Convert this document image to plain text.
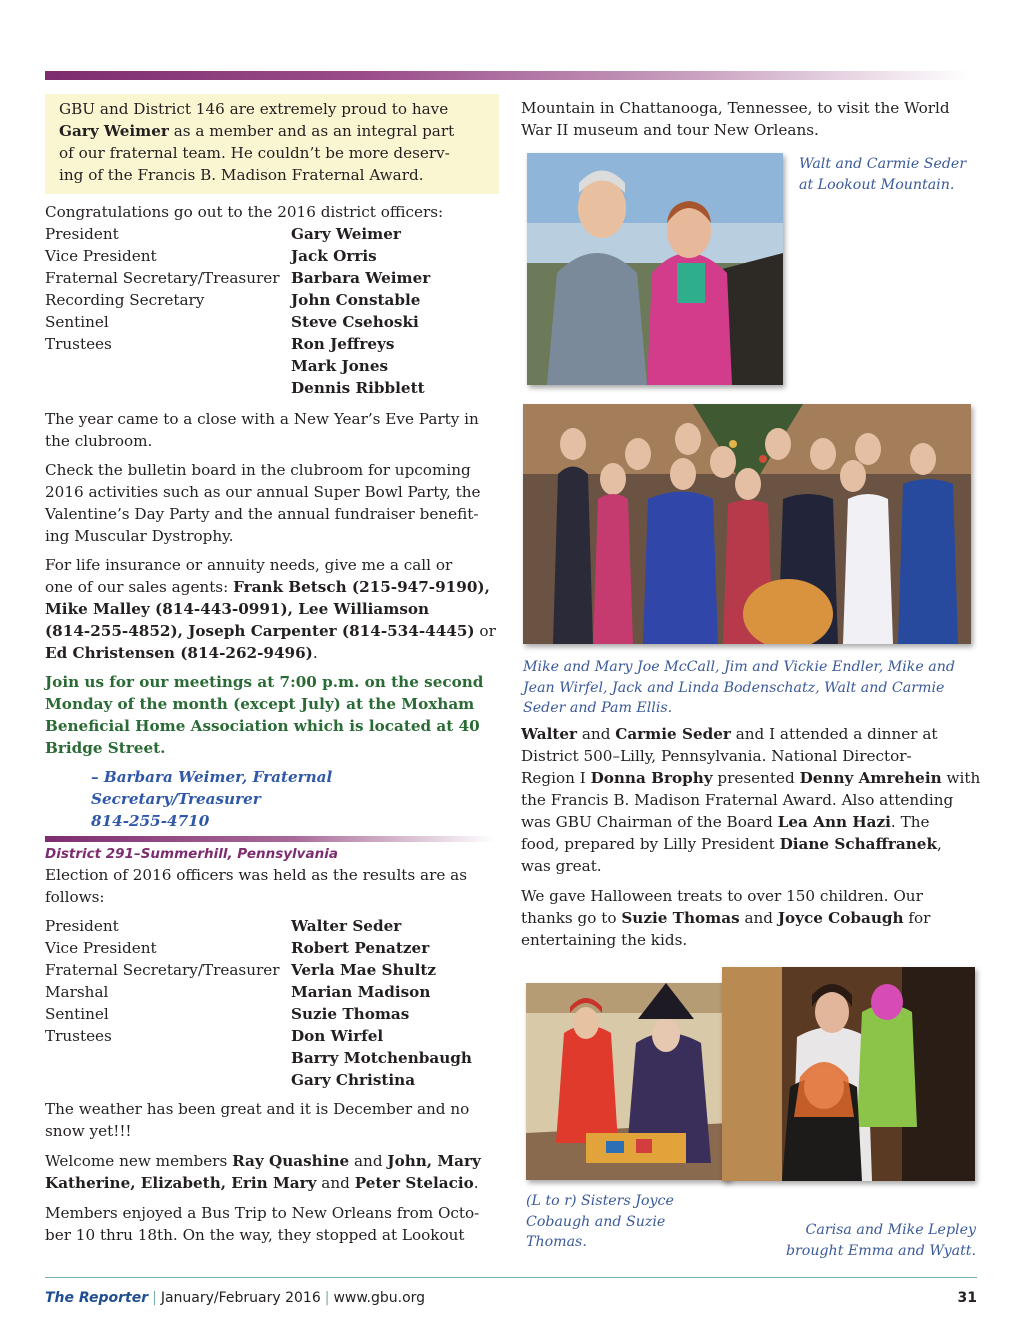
GBU and District 146 are extremely proud to have

Gary Weimer as a member and as an integral part

of our fraternal team. He couldn’t be more deserv-

ing of the Francis B. Madison Fraternal Award.

Congratulations go out to the 2016 district officers:

President	Gary Weimer
Vice President	Jack Orris
Fraternal Secretary/Treasurer	Barbara Weimer
Recording Secretary	John Constable
Sentinel	Steve Csehoski
Trustees	Ron Jeffreys
	Mark Jones
	Dennis Ribblett

The year came to a close with a New Year’s Eve Party in
the clubroom.

Check the bulletin board in the clubroom for upcoming
2016 activities such as our annual Super Bowl Party, the
Valentine’s Day Party and the annual fundraiser benefit-
ing Muscular Dystrophy.

For life insurance or annuity needs, give me a call or
one of our sales agents: Frank Betsch (215-947-9190),
Mike Malley (814-443-0991), Lee Williamson
(814-255-4852), Joseph Carpenter (814-534-4445) or
Ed Christensen (814-262-9496).

Join us for our meetings at 7:00 p.m. on the second
Monday of the month (except July) at the Moxham
Beneficial Home Association which is located at 40
Bridge Street.

– Barbara Weimer, Fraternal Secretary/Treasurer
814-255-4710

District 291–Summerhill, Pennsylvania

Election of 2016 officers was held as the results are as
follows:

President	Walter Seder
Vice President	Robert Penatzer
Fraternal Secretary/Treasurer	Verla Mae Shultz
Marshal	Marian Madison
Sentinel	Suzie Thomas
Trustees	Don Wirfel
	Barry Motchenbaugh
	Gary Christina

The weather has been great and it is December and no
snow yet!!!

Welcome new members Ray Quashine and John, Mary
Katherine, Elizabeth, Erin Mary and Peter Stelacio.

Members enjoyed a Bus Trip to New Orleans from Octo-
ber 10 thru 18th. On the way, they stopped at Lookout

Mountain in Chattanooga, Tennessee, to visit the World
War II museum and tour New Orleans.

Walt and Carmie Seder
at Lookout Mountain.
Mike and Mary Joe McCall, Jim and Vickie Endler, Mike and
Jean Wirfel, Jack and Linda Bodenschatz, Walt and Carmie
Seder and Pam Ellis.

Walter and Carmie Seder and I attended a dinner at
District 500–Lilly, Pennsylvania. National Director-
Region I Donna Brophy presented Denny Amrehein with
the Francis B. Madison Fraternal Award. Also attending
was GBU Chairman of the Board Lea Ann Hazi. The
food, prepared by Lilly President Diane Schaffranek,
was great.

We gave Halloween treats to over 150 children. Our
thanks go to Suzie Thomas and Joyce Cobaugh for
entertaining the kids.

(L to r) Sisters Joyce
Cobaugh and Suzie
Thomas.
Carisa and Mike Lepley
brought Emma and Wyatt.
The Reporter | January/February 2016 | www.gbu.org	31
